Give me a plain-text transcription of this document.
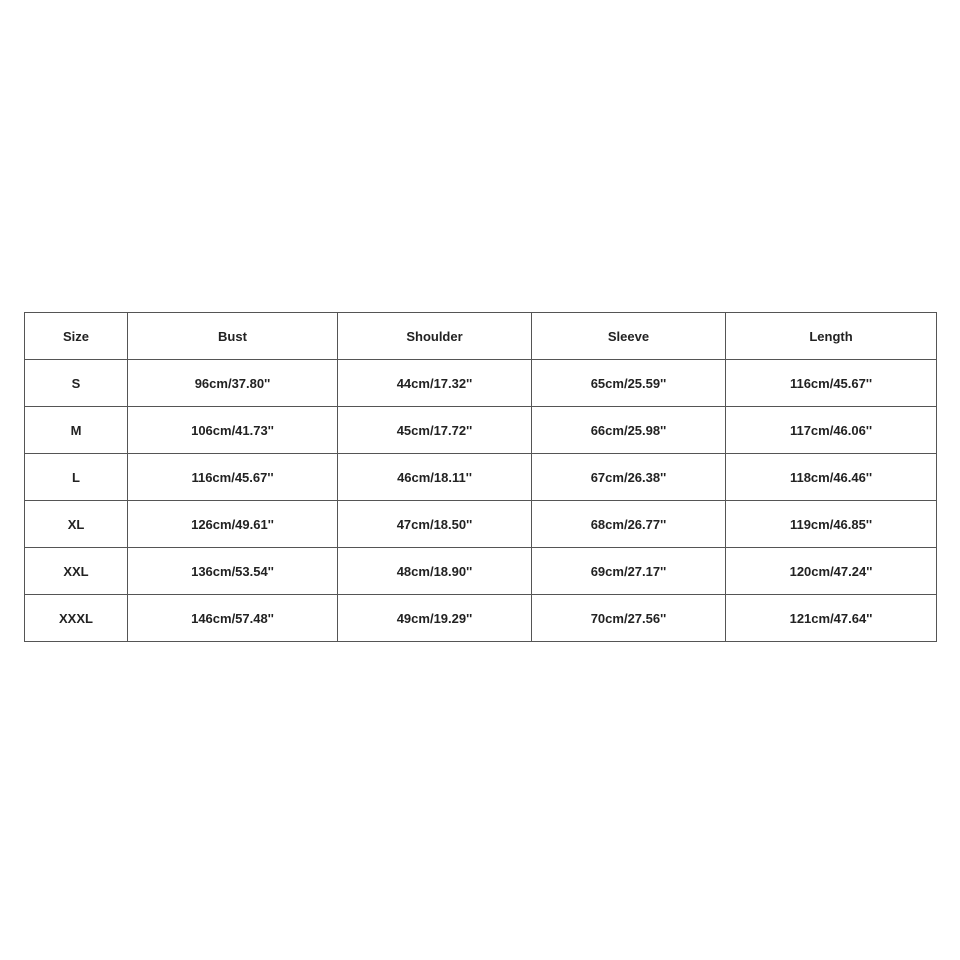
Size	Bust	Shoulder	Sleeve	Length
S	96cm/37.80''	44cm/17.32''	65cm/25.59''	116cm/45.67''
M	106cm/41.73''	45cm/17.72''	66cm/25.98''	117cm/46.06''
L	116cm/45.67''	46cm/18.11''	67cm/26.38''	118cm/46.46''
XL	126cm/49.61''	47cm/18.50''	68cm/26.77''	119cm/46.85''
XXL	136cm/53.54''	48cm/18.90''	69cm/27.17''	120cm/47.24''
XXXL	146cm/57.48''	49cm/19.29''	70cm/27.56''	121cm/47.64''
